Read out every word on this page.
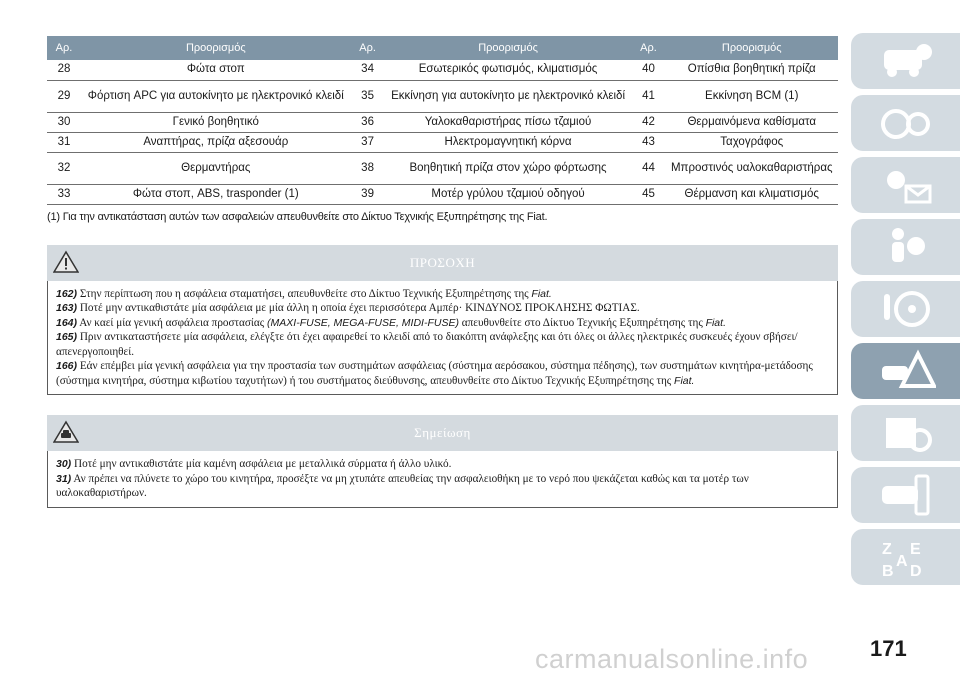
Αρ.	Προορισμός	Αρ.	Προορισμός	Αρ.	Προορισμός
28	Φώτα στοπ	34	Εσωτερικός φωτισμός, κλιματισμός	40	Οπίσθια βοηθητική πρίζα
29	Φόρτιση APC για αυτοκίνητο με ηλεκτρονικό κλειδί	35	Εκκίνηση για αυτοκίνητο με ηλεκτρονικό κλειδί	41	Εκκίνηση BCM (1)
30	Γενικό βοηθητικό	36	Υαλοκαθαριστήρας πίσω τζαμιού	42	Θερμαινόμενα καθίσματα
31	Αναπτήρας, πρίζα αξεσουάρ	37	Ηλεκτρομαγνητική κόρνα	43	Ταχογράφος
32	Θερμαντήρας	38	Βοηθητική πρίζα στον χώρο φόρτωσης	44	Μπροστινός υαλοκαθαριστήρας
33	Φώτα στοπ, ABS, trasponder (1)	39	Μοτέρ γρύλου τζαμιού οδηγού	45	Θέρμανση και κλιματισμός
(1) Για την αντικατάσταση αυτών των ασφαλειών απευθυνθείτε στο Δίκτυο Τεχνικής Εξυπηρέτησης της Fiat.
ΠΡΟΣΟΧΗ

162) Στην περίπτωση που η ασφάλεια σταματήσει, απευθυνθείτε στο Δίκτυο Τεχνικής Εξυπηρέτησης της Fiat.

163) Ποτέ μην αντικαθιστάτε μία ασφάλεια με μία άλλη η οποία έχει περισσότερα Αμπέρ· ΚΙΝΔΥΝΟΣ ΠΡΟΚΛΗΣΗΣ ΦΩΤΙΑΣ.

164) Αν καεί μία γενική ασφάλεια προστασίας (MAXI-FUSE, MEGA-FUSE, MIDI-FUSE) απευθυνθείτε στο Δίκτυο Τεχνικής Εξυπηρέτησης της Fiat.

165) Πριν αντικαταστήσετε μία ασφάλεια, ελέγξτε ότι έχει αφαιρεθεί το κλειδί από το διακόπτη ανάφλεξης και ότι όλες οι άλλες ηλεκτρικές συσκευές έχουν σβήσει/απενεργοποιηθεί.

166) Εάν επέμβει μία γενική ασφάλεια για την προστασία των συστημάτων ασφάλειας (σύστημα αερόσακου, σύστημα πέδησης), των συστημάτων κινητήρα-μετάδοσης (σύστημα κινητήρα, σύστημα κιβωτίου ταχυτήτων) ή του συστήματος διεύθυνσης, απευθυνθείτε στο Δίκτυο Τεχνικής Εξυπηρέτησης της Fiat.

Σημείωση

30) Ποτέ μην αντικαθιστάτε μία καμένη ασφάλεια με μεταλλικά σύρματα ή άλλο υλικό.

31) Αν πρέπει να πλύνετε το χώρο του κινητήρα, προσέξτε να μη χτυπάτε απευθείας την ασφαλειοθήκη με το νερό που ψεκάζεται καθώς και τα μοτέρ των υαλοκαθαριστήρων.

Z E
B D
A
carmanualsonline.info	171
